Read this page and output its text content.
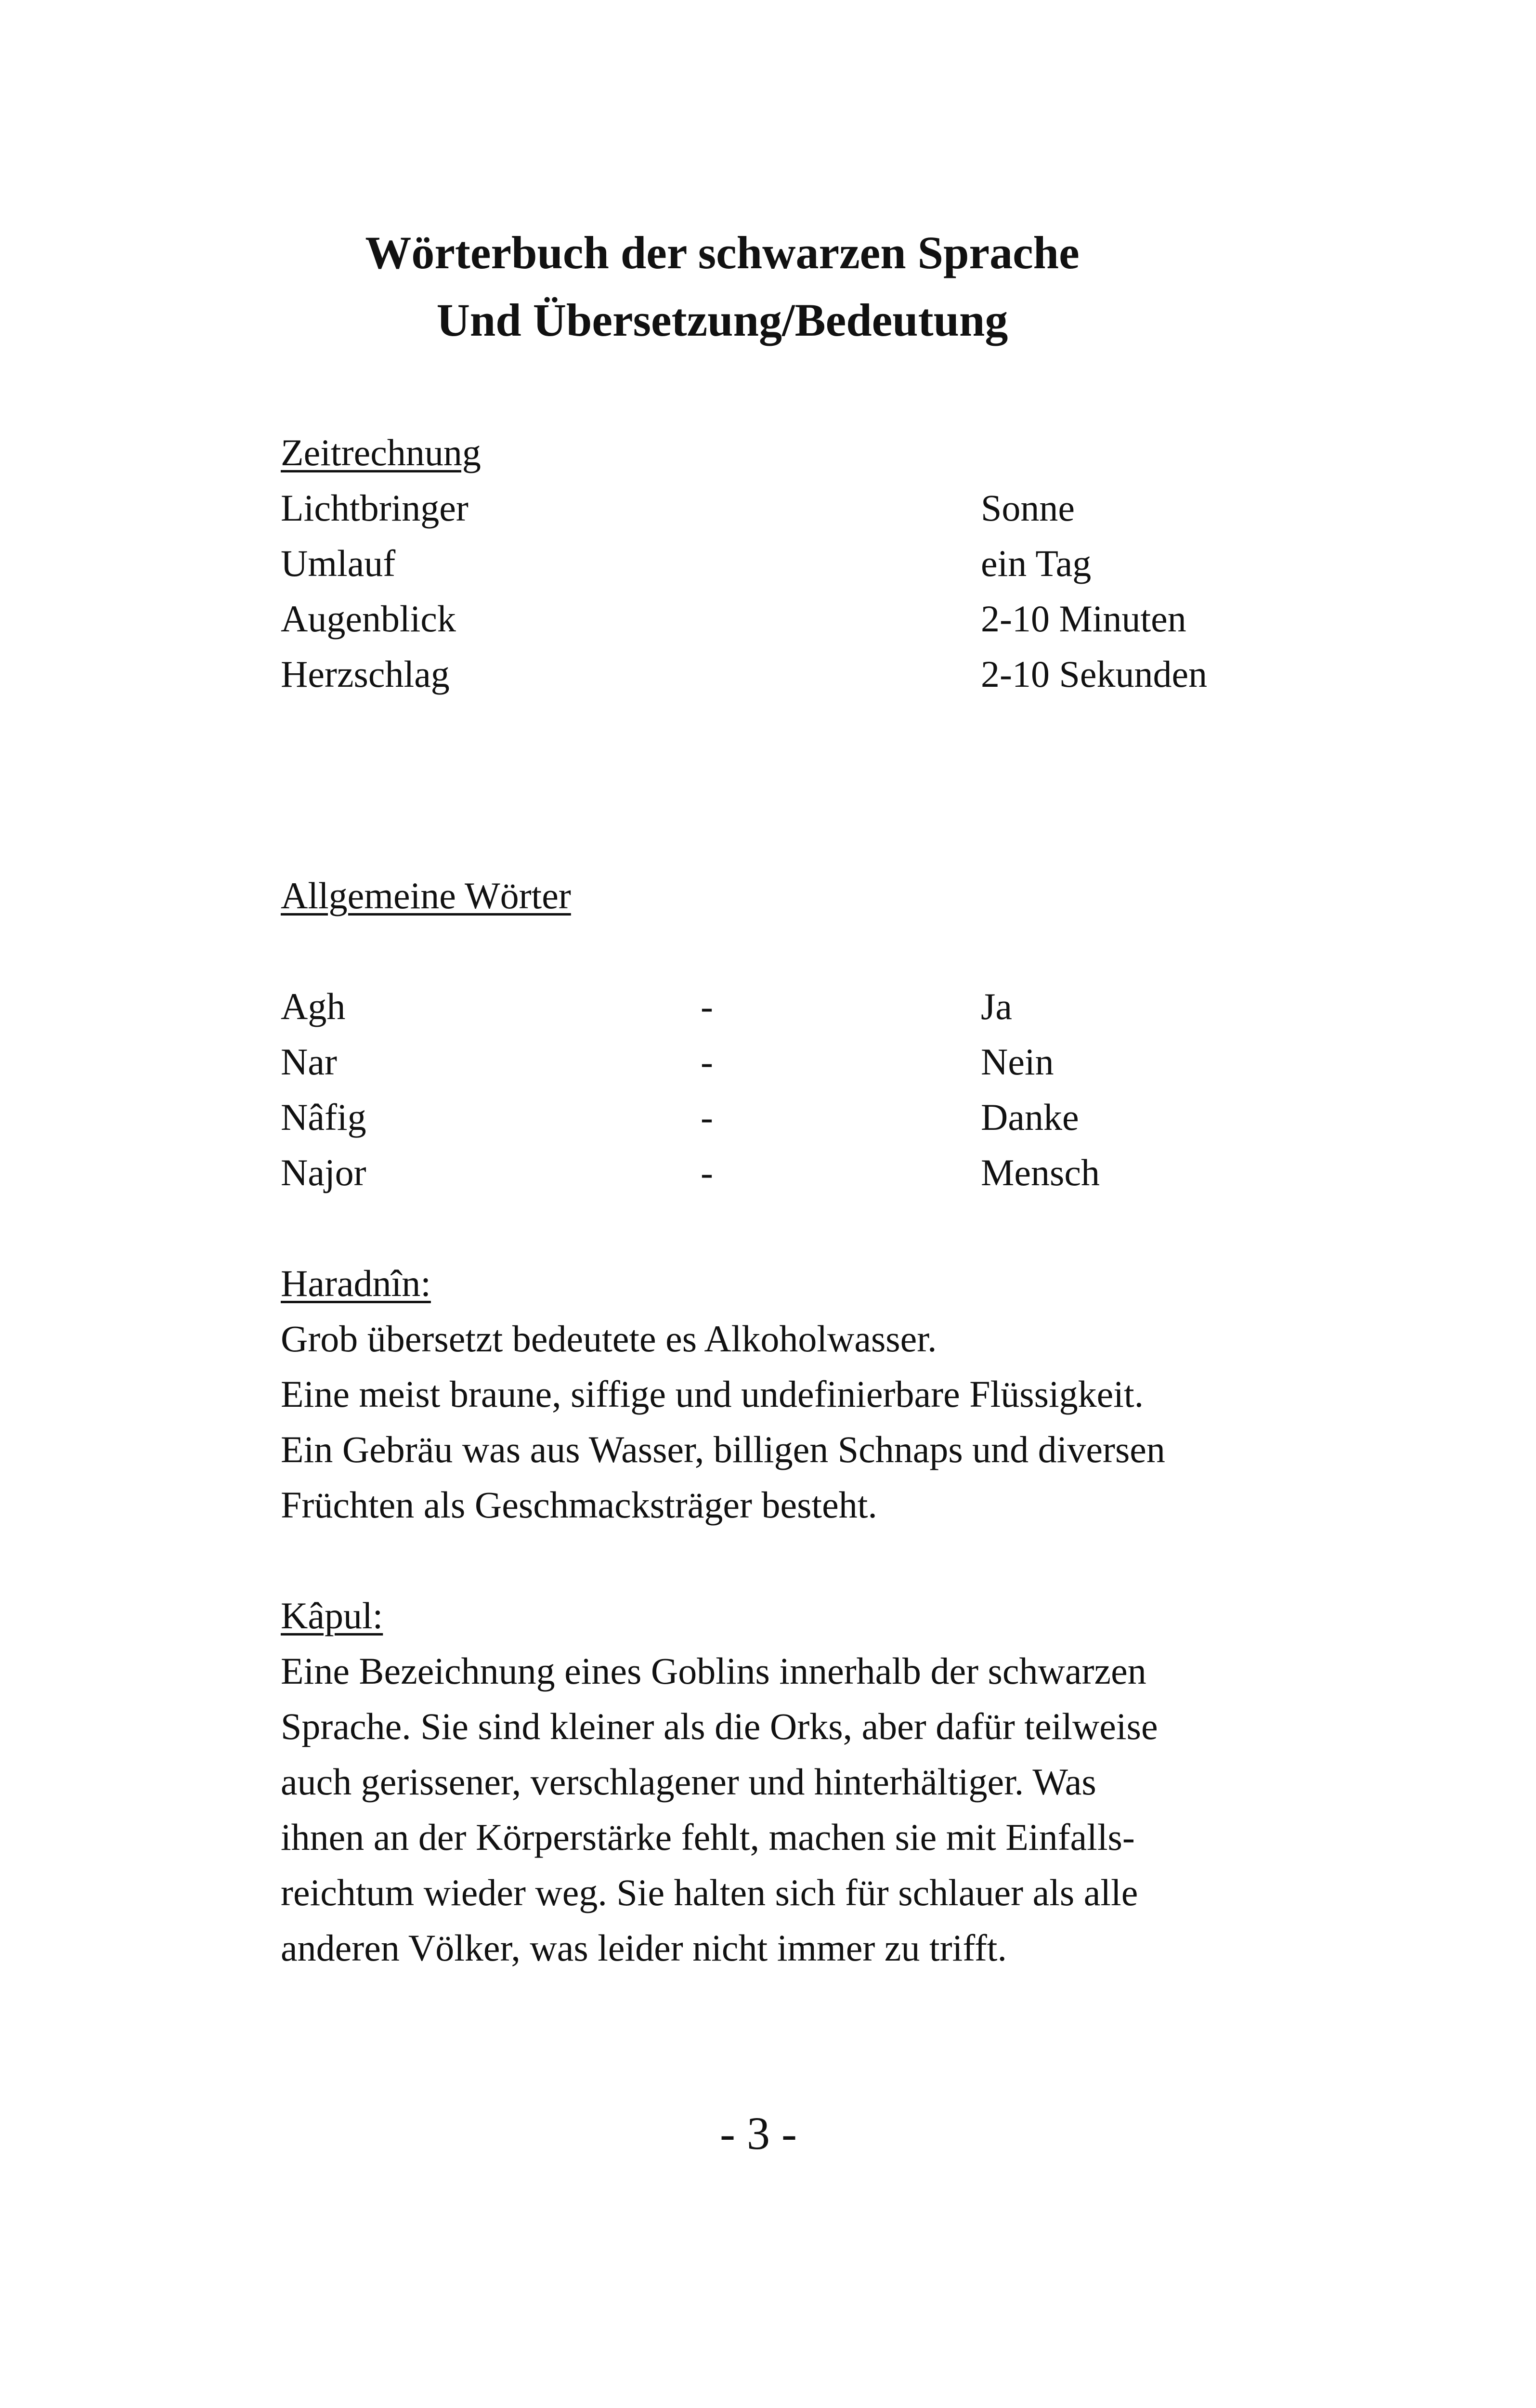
Wörterbuch der schwarzen Sprache
Und Übersetzung/Bedeutung

Zeitrechnung

Lichtbringer	Sonne

Umlauf	ein Tag

Augenblick	2-10 Minuten

Herzschlag	2-10 Sekunden

Allgemeine Wörter

Agh	-	Ja

Nar	-	Nein

Nâfig	-	Danke

Najor	-	Mensch

Haradnîn:

Grob übersetzt bedeutete es Alkoholwasser.

Eine meist braune, siffige und undefinierbare Flüssigkeit.

Ein Gebräu was aus Wasser, billigen Schnaps und diversen

Früchten als Geschmacksträger besteht.

Kâpul:

Eine Bezeichnung eines Goblins innerhalb der schwarzen

Sprache. Sie sind kleiner als die Orks, aber dafür teilweise

auch gerissener, verschlagener und hinterhältiger. Was

ihnen an der Körperstärke fehlt, machen sie mit Einfalls-

reichtum wieder weg. Sie halten sich für schlauer als alle

anderen Völker, was leider nicht immer zu trifft.

- 3 -
